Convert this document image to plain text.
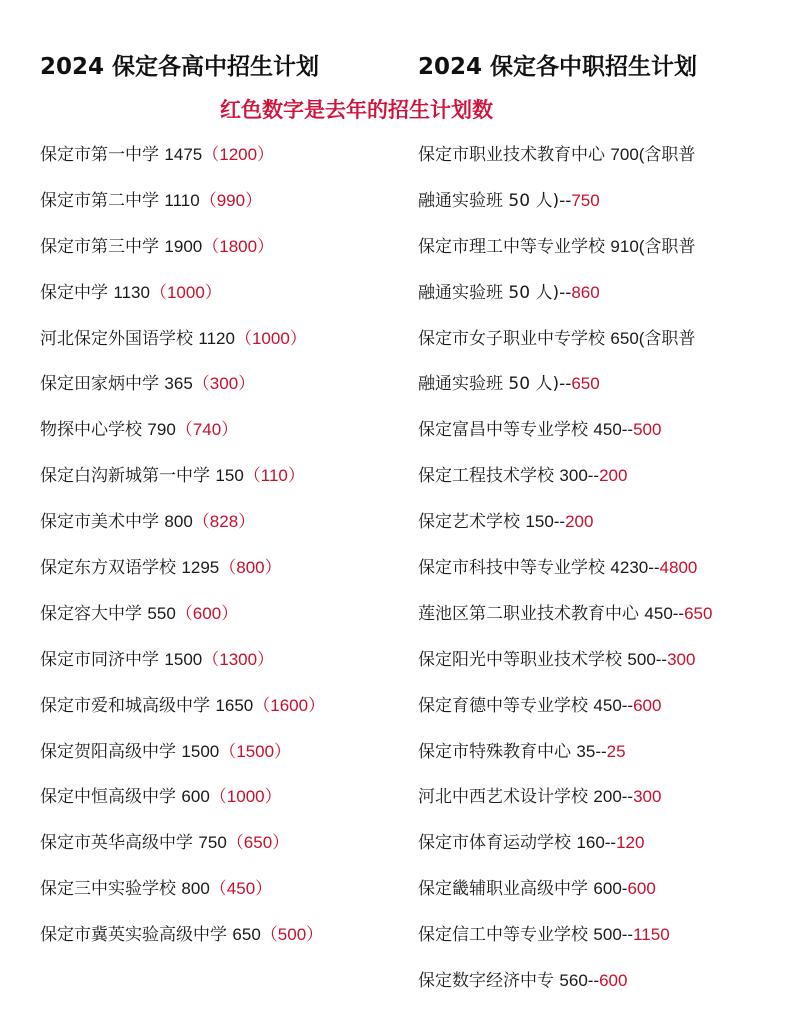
2024 保定各高中招生计划	2024 保定各中职招生计划
红色数字是去年的招生计划数
保定市第一中学 1475（1200）
保定市第二中学 1110（990）
保定市第三中学 1900（1800）
保定中学 1130（1000）
河北保定外国语学校 1120（1000）
保定田家炳中学 365（300）
物探中心学校 790（740）
保定白沟新城第一中学 150（110）
保定市美术中学 800（828）
保定东方双语学校 1295（800）
保定容大中学 550（600）
保定市同济中学 1500（1300）
保定市爱和城高级中学 1650（1600）
保定贺阳高级中学 1500（1500）
保定中恒高级中学 600（1000）
保定市英华高级中学 750（650）
保定三中实验学校 800（450）
保定市冀英实验高级中学 650（500）
保定市职业技术教育中心 700(含职普
融通实验班 50 人)--750
保定市理工中等专业学校 910(含职普
融通实验班 50 人)--860
保定市女子职业中专学校 650(含职普
融通实验班 50 人)--650
保定富昌中等专业学校 450--500
保定工程技术学校 300--200
保定艺术学校 150--200
保定市科技中等专业学校 4230--4800
莲池区第二职业技术教育中心 450--650
保定阳光中等职业技术学校 500--300
保定育德中等专业学校 450--600
保定市特殊教育中心 35--25
河北中西艺术设计学校 200--300
保定市体育运动学校 160--120
保定畿辅职业高级中学 600-600
保定信工中等专业学校 500--1150
保定数字经济中专 560--600
